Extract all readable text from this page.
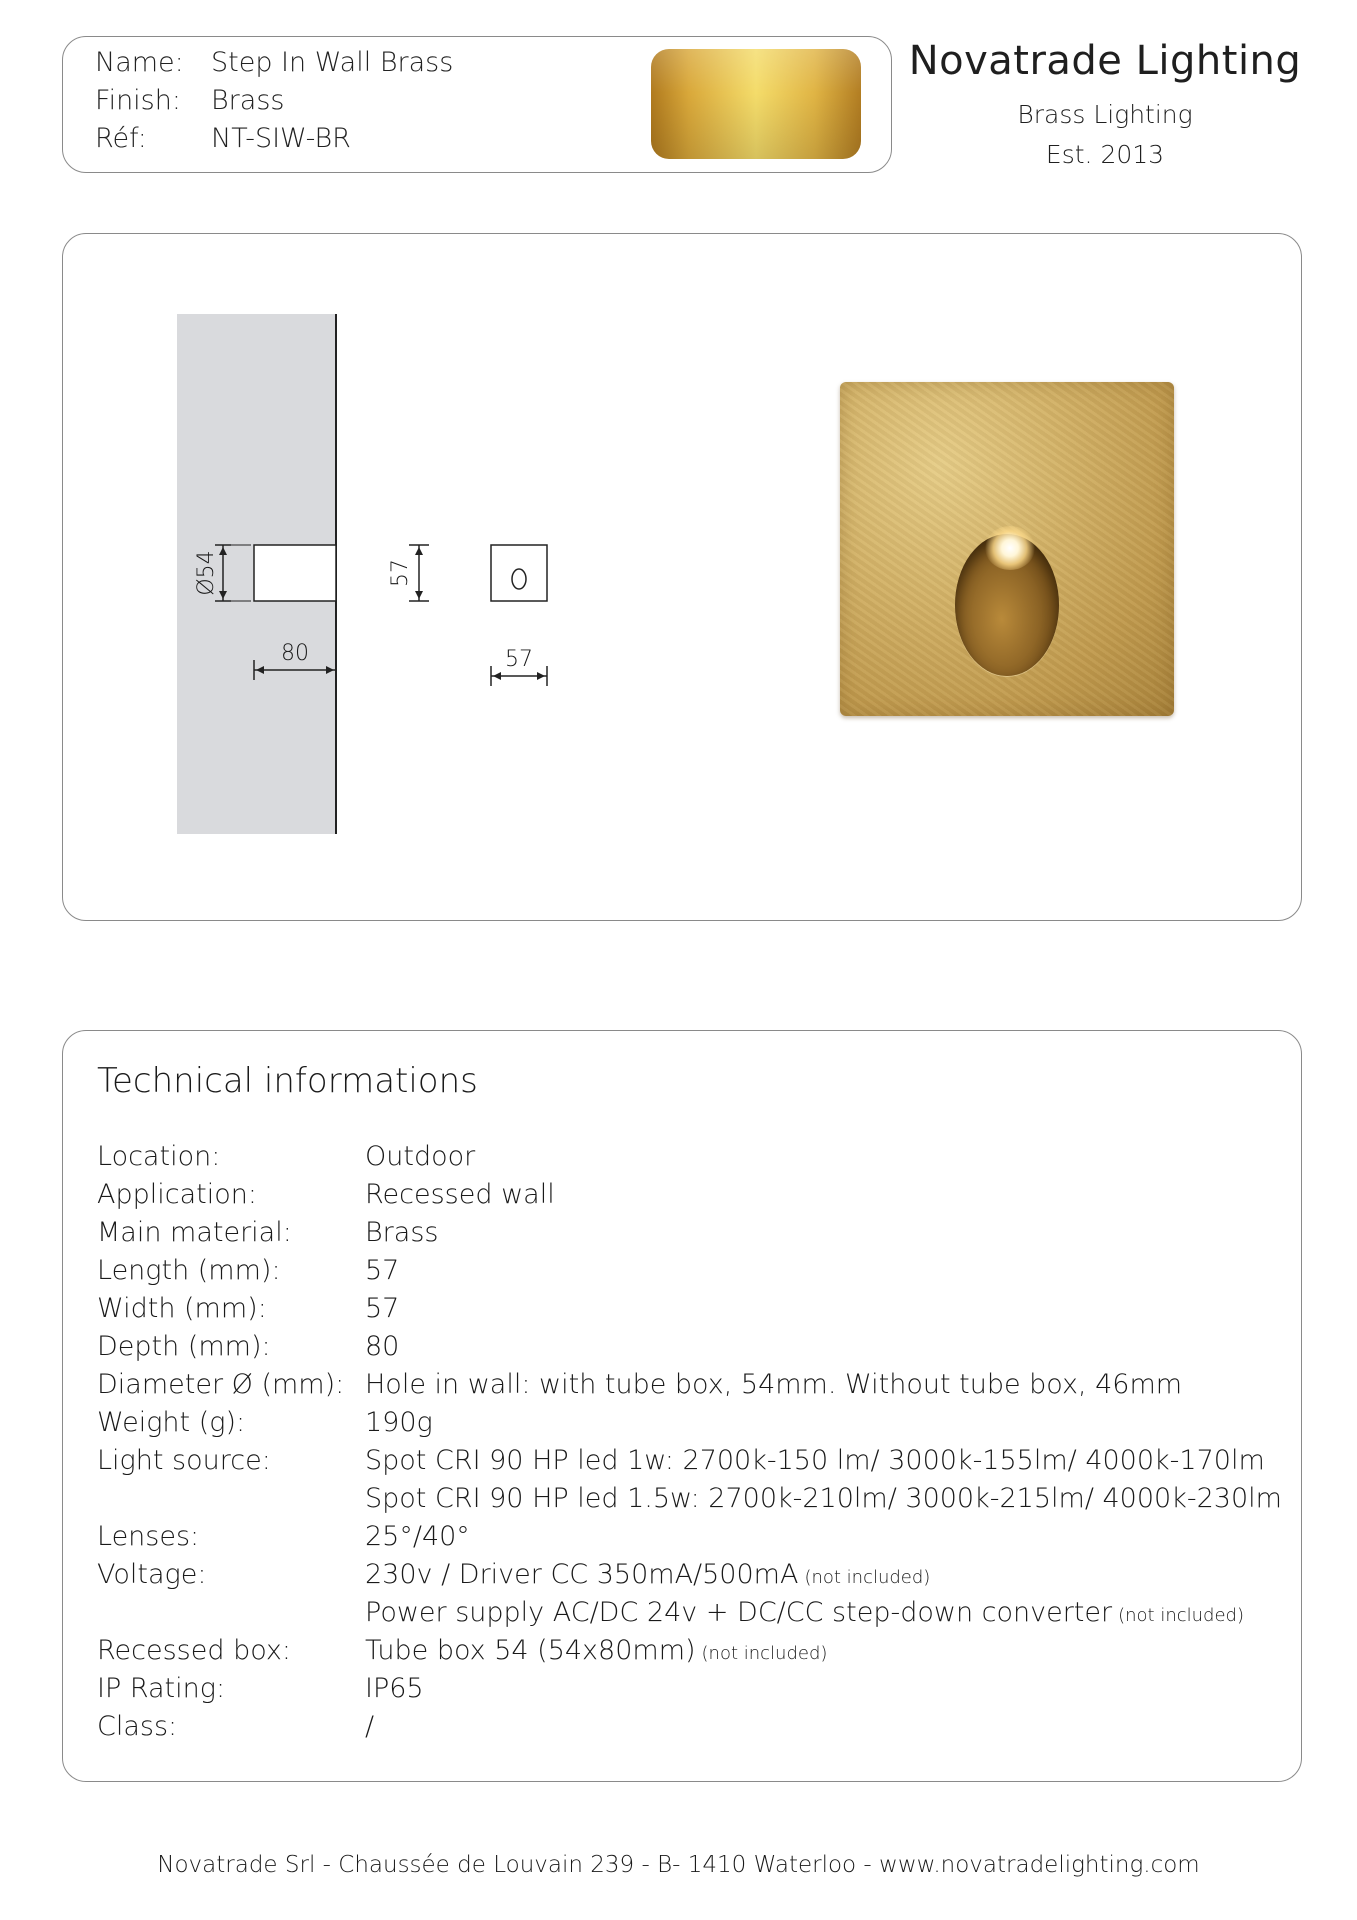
Name: Step In Wall Brass
Finish: Brass
Réf: NT-SIW-BR
Novatrade Lighting
Brass Lighting
Est. 2013
Ø54
80
57
57
Technical informations
Location:	Outdoor
Application:	Recessed wall
Main material:	Brass
Length (mm):	57
Width (mm):	57
Depth (mm):	80
Diameter Ø (mm): Hole in wall: with tube box, 54mm. Without tube box, 46mm
Weight (g):	190g
Light source:	Spot CRI 90 HP led 1w: 2700k-150 lm/ 3000k-155lm/ 4000k-170lm
Spot CRI 90 HP led 1.5w: 2700k-210lm/ 3000k-215lm/ 4000k-230lm
Lenses:	25°/40°
Voltage:	230v / Driver CC 350mA/500mA (not included)
Power supply AC/DC 24v + DC/CC step-down converter (not included)
Recessed box:	Tube box 54 (54x80mm) (not included)
IP Rating:	IP65
Class:	/
Novatrade Srl - Chaussée de Louvain 239 - B- 1410 Waterloo - www.novatradelighting.com
